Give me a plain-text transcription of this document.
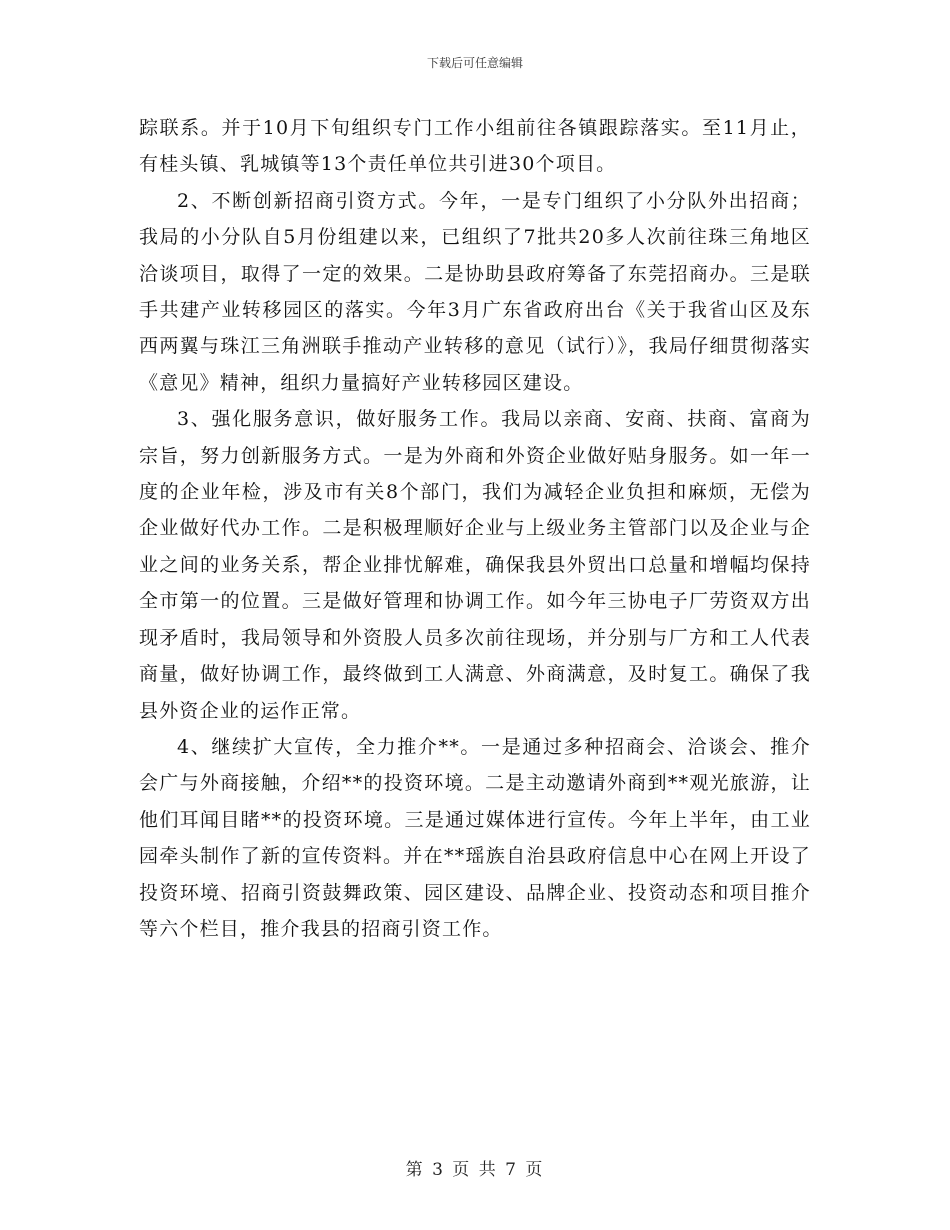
下载后可任意编辑

踪联系。并于10月下旬组织专门工作小组前往各镇跟踪落实。至11月止，有桂头镇、乳城镇等13个责任单位共引进30个项目。

2、不断创新招商引资方式。今年，一是专门组织了小分队外出招商；我局的小分队自5月份组建以来，已组织了7批共20多人次前往珠三角地区洽谈项目，取得了一定的效果。二是协助县政府筹备了东莞招商办。三是联手共建产业转移园区的落实。今年3月广东省政府出台《关于我省山区及东西两翼与珠江三角洲联手推动产业转移的意见（试行）》，我局仔细贯彻落实《意见》精神，组织力量搞好产业转移园区建设。

3、强化服务意识，做好服务工作。我局以亲商、安商、扶商、富商为宗旨，努力创新服务方式。一是为外商和外资企业做好贴身服务。如一年一度的企业年检，涉及市有关8个部门，我们为减轻企业负担和麻烦，无偿为企业做好代办工作。二是积极理顺好企业与上级业务主管部门以及企业与企业之间的业务关系，帮企业排忧解难，确保我县外贸出口总量和增幅均保持全市第一的位置。三是做好管理和协调工作。如今年三协电子厂劳资双方出现矛盾时，我局领导和外资股人员多次前往现场，并分别与厂方和工人代表商量，做好协调工作，最终做到工人满意、外商满意，及时复工。确保了我县外资企业的运作正常。

4、继续扩大宣传，全力推介**。一是通过多种招商会、洽谈会、推介会广与外商接触，介绍**的投资环境。二是主动邀请外商到**观光旅游，让他们耳闻目睹**的投资环境。三是通过媒体进行宣传。今年上半年，由工业园牵头制作了新的宣传资料。并在**瑶族自治县政府信息中心在网上开设了投资环境、招商引资鼓舞政策、园区建设、品牌企业、投资动态和项目推介等六个栏目，推介我县的招商引资工作。

第 3 页 共 7 页
